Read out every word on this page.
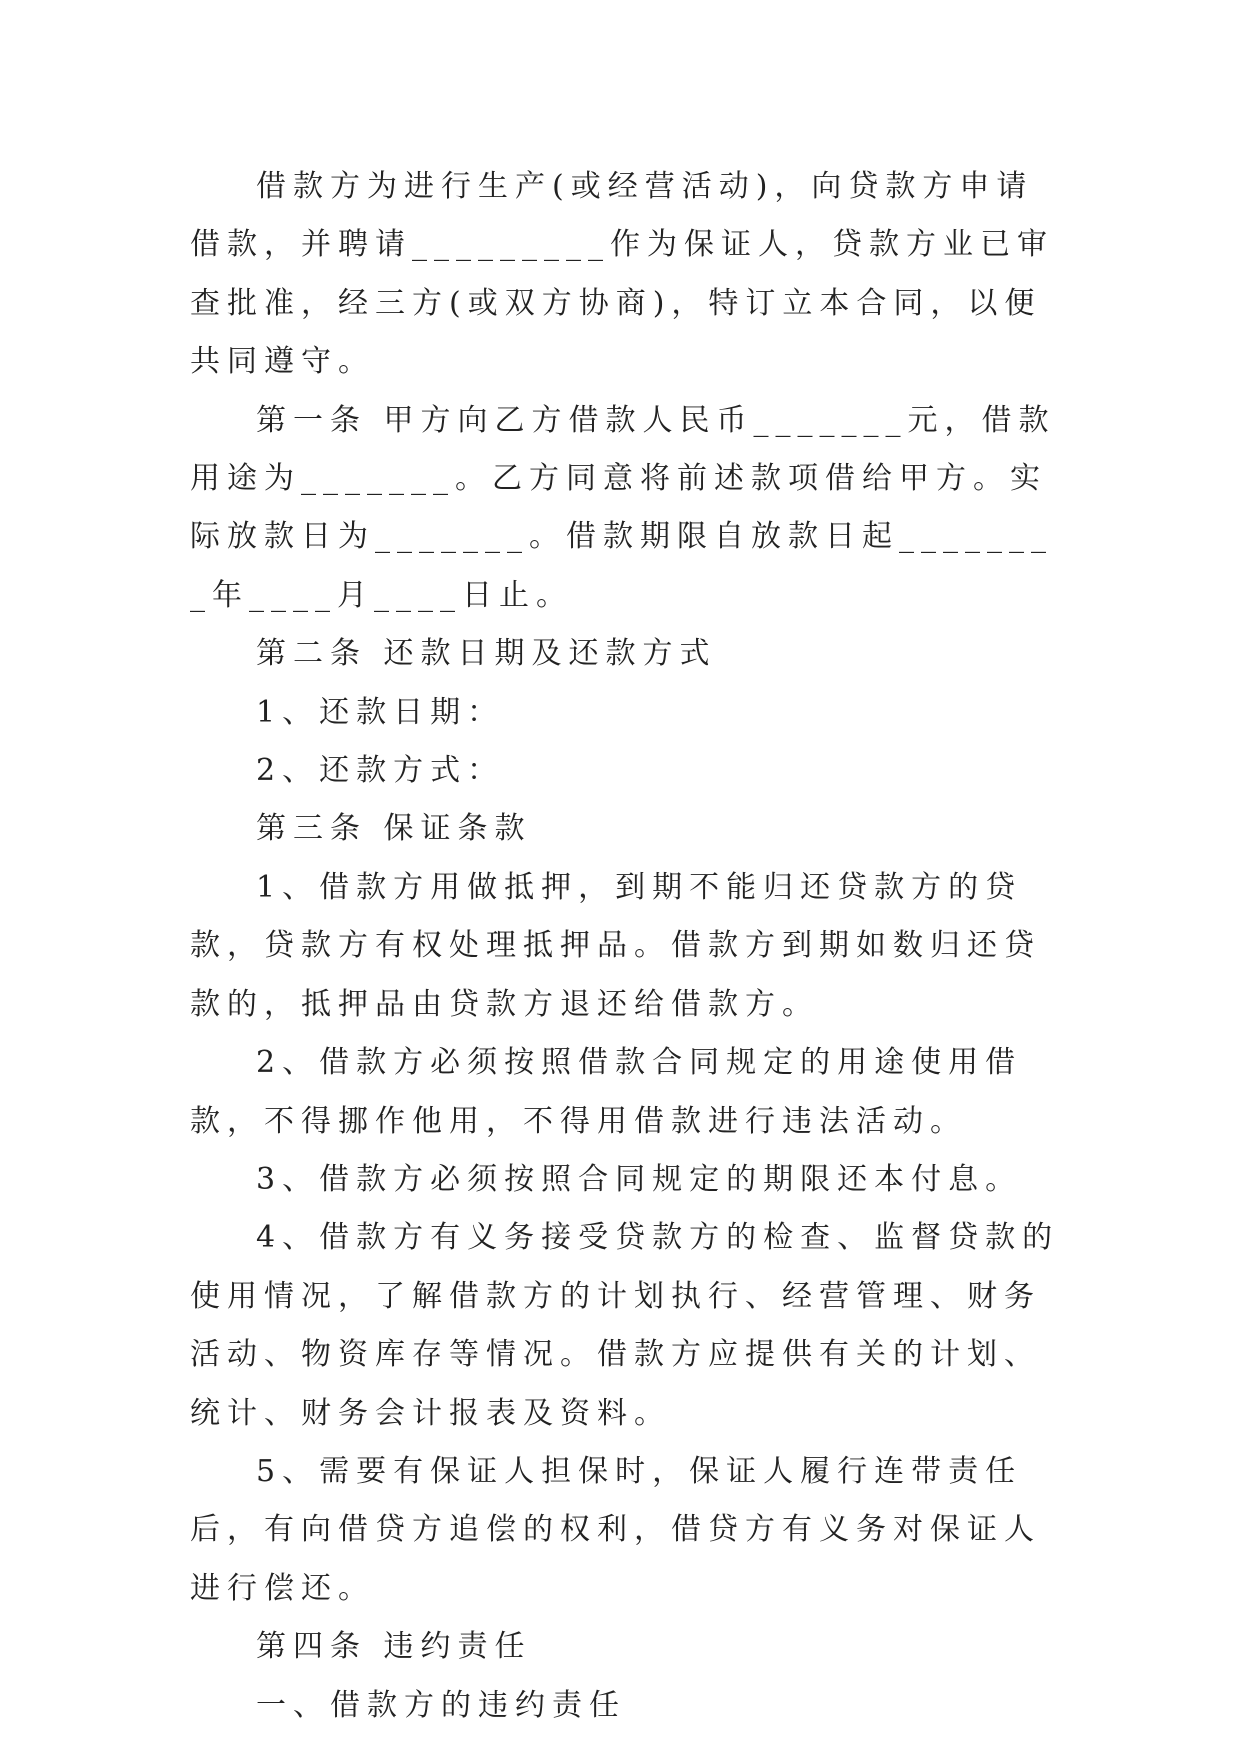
借款方为进行生产(或经营活动)，向贷款方申请借款，并聘请_________作为保证人，贷款方业已审查批准，经三方(或双方协商)，特订立本合同，以便共同遵守。

第一条 甲方向乙方借款人民币_______元，借款用途为_______。乙方同意将前述款项借给甲方。实际放款日为_______。借款期限自放款日起________年____月____日止。

第二条 还款日期及还款方式

1、还款日期：

2、还款方式：

第三条 保证条款

1、借款方用做抵押，到期不能归还贷款方的贷款，贷款方有权处理抵押品。借款方到期如数归还贷款的，抵押品由贷款方退还给借款方。

2、借款方必须按照借款合同规定的用途使用借款，不得挪作他用，不得用借款进行违法活动。

3、借款方必须按照合同规定的期限还本付息。

4、借款方有义务接受贷款方的检查、监督贷款的使用情况，了解借款方的计划执行、经营管理、财务活动、物资库存等情况。借款方应提供有关的计划、统计、财务会计报表及资料。

5、需要有保证人担保时，保证人履行连带责任后，有向借贷方追偿的权利，借贷方有义务对保证人进行偿还。

第四条 违约责任

一、借款方的违约责任
